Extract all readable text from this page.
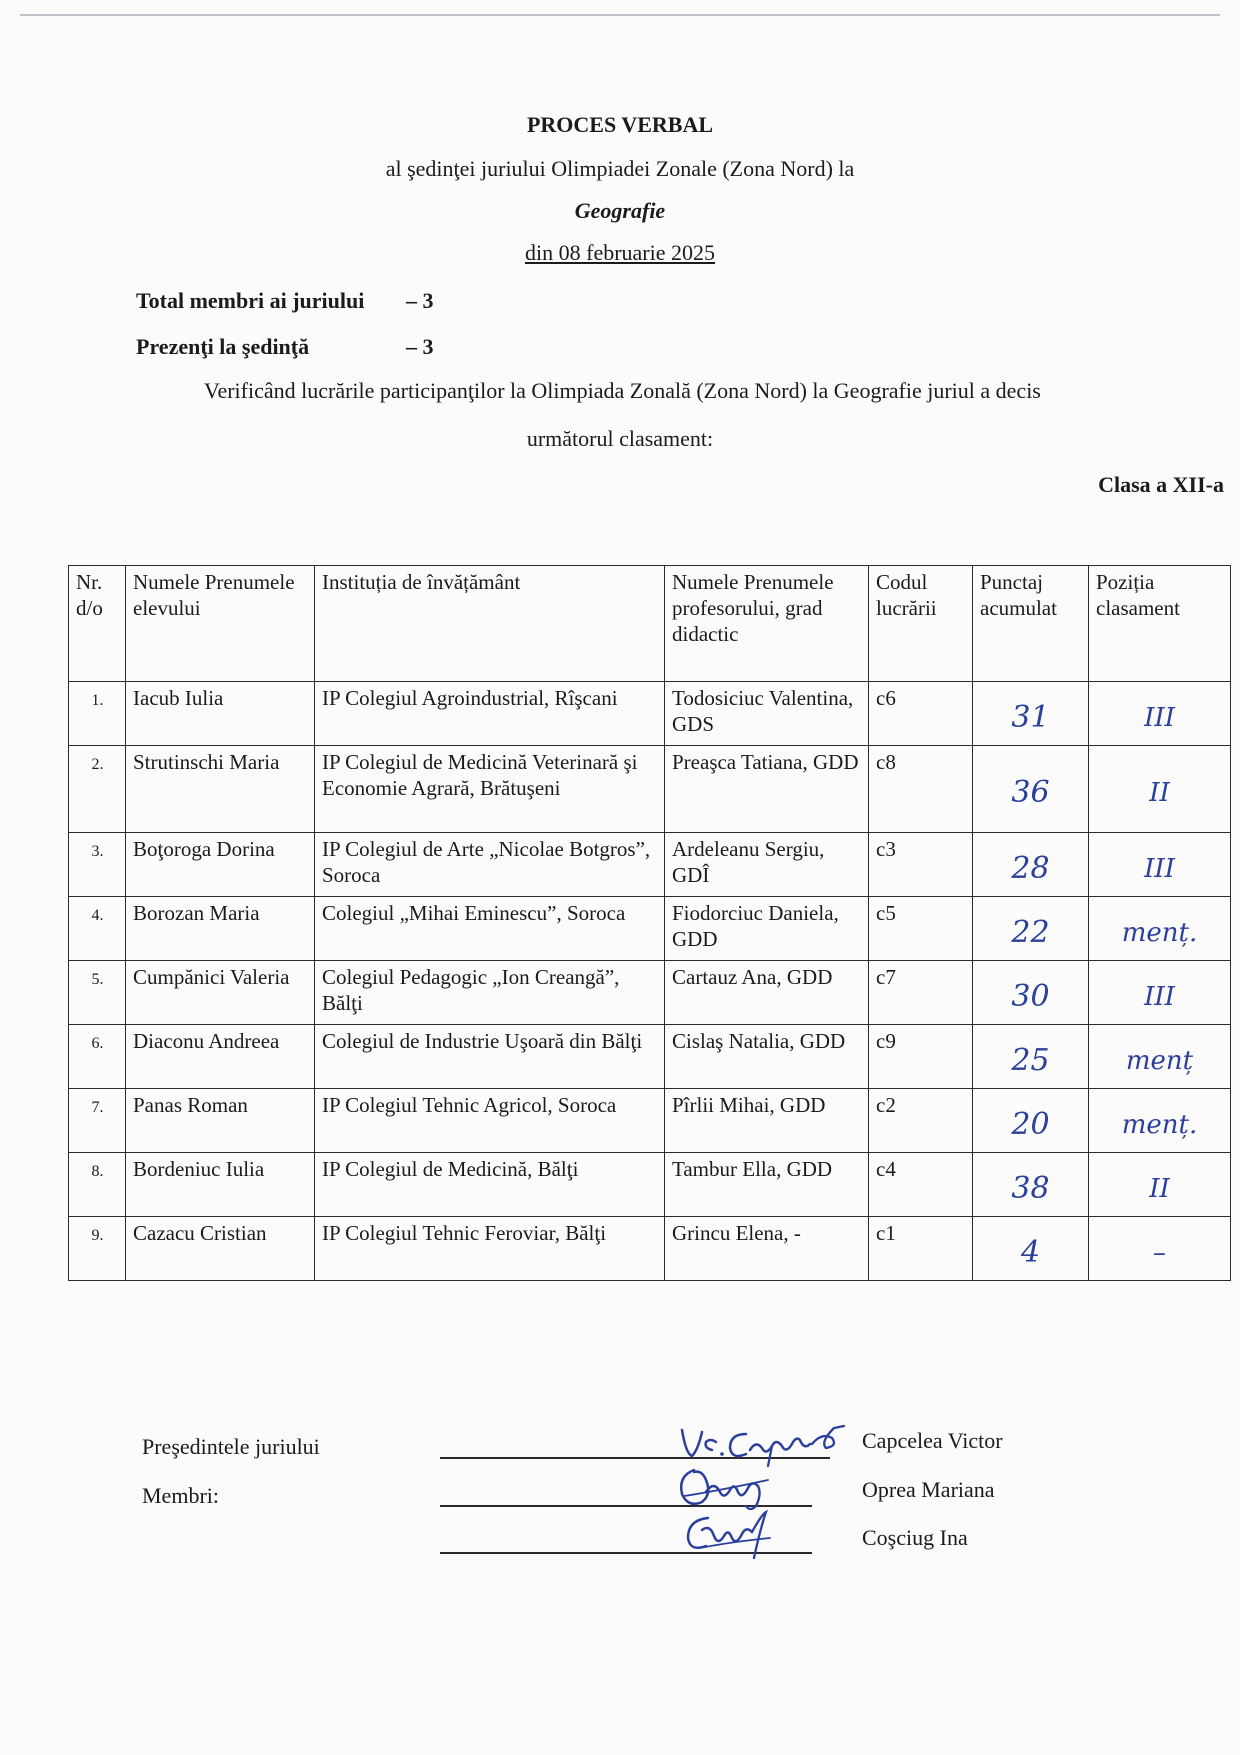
PROCES VERBAL
al şedinţei juriului Olimpiadei Zonale (Zona Nord) la
Geografie
din 08 februarie 2025
Total membri ai juriului – 3
Prezenţi la şedinţă	– 3
Verificând lucrările participanţilor la Olimpiada Zonală (Zona Nord) la Geografie juriul a decis
următorul clasament:
Clasa a XII-a
Nr. d/o	Numele Prenumele elevului	Instituția de învățământ	Numele Prenumele profesorului, grad didactic	Codul lucrării	Punctaj acumulat	Poziția clasament
1.	Iacub Iulia	IP Colegiul Agroindustrial, Rîşcani	Todosiciuc Valentina, GDS	c6	31	III
2.	Strutinschi Maria	IP Colegiul de Medicină Veterinară şi Economie Agrară, Brătuşeni	Preaşca Tatiana, GDD	c8	36	II
3.	Boţoroga Dorina	IP Colegiul de Arte „Nicolae Botgros”, Soroca	Ardeleanu Sergiu, GDÎ	c3	28	III
4.	Borozan Maria	Colegiul „Mihai Eminescu”, Soroca	Fiodorciuc Daniela, GDD	c5	22	menț.
5.	Cumpănici Valeria	Colegiul Pedagogic „Ion Creangă”, Bălţi	Cartauz Ana, GDD	c7	30	III
6.	Diaconu Andreea	Colegiul de Industrie Uşoară din Bălţi	Cislaş Natalia, GDD	c9	25	menț
7.	Panas Roman	IP Colegiul Tehnic Agricol, Soroca	Pîrlii Mihai, GDD	c2	20	menț.
8.	Bordeniuc Iulia	IP Colegiul de Medicină, Bălţi	Tambur Ella, GDD	c4	38	II
9.	Cazacu Cristian	IP Colegiul Tehnic Feroviar, Bălţi	Grincu Elena, -	c1	4	–
Preşedintele juriului
Membri:
Capcelea Victor
Oprea Mariana
Coşciug Ina
